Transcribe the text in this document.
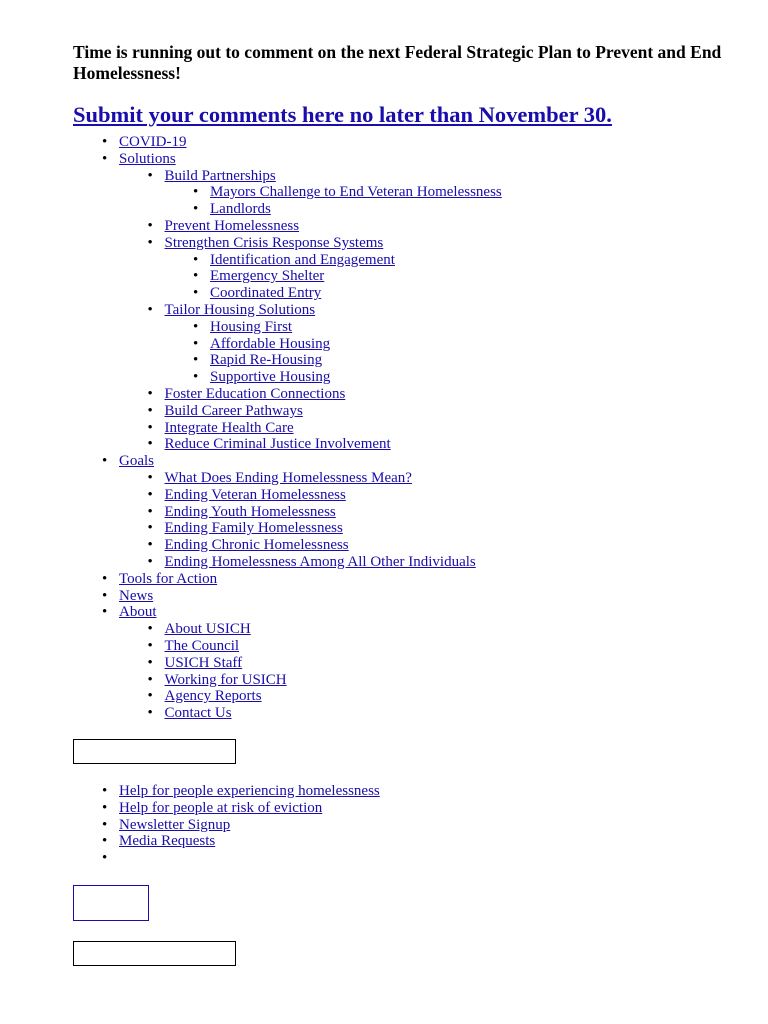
Time is running out to comment on the next Federal Strategic Plan to Prevent and End Homelessness!

Submit your comments here no later than November 30.
• COVID-19
• Solutions
• Build Partnerships
• Mayors Challenge to End Veteran Homelessness
• Landlords
• Prevent Homelessness
• Strengthen Crisis Response Systems
• Identification and Engagement
• Emergency Shelter
• Coordinated Entry
• Tailor Housing Solutions
• Housing First
• Affordable Housing
• Rapid Re-Housing
• Supportive Housing
• Foster Education Connections
• Build Career Pathways
• Integrate Health Care
• Reduce Criminal Justice Involvement
• Goals
• What Does Ending Homelessness Mean?
• Ending Veteran Homelessness
• Ending Youth Homelessness
• Ending Family Homelessness
• Ending Chronic Homelessness
• Ending Homelessness Among All Other Individuals
• Tools for Action
• News
• About
• About USICH
• The Council
• USICH Staff
• Working for USICH
• Agency Reports
• Contact Us
• Help for people experiencing homelessness
• Help for people at risk of eviction
• Newsletter Signup
• Media Requests
•
